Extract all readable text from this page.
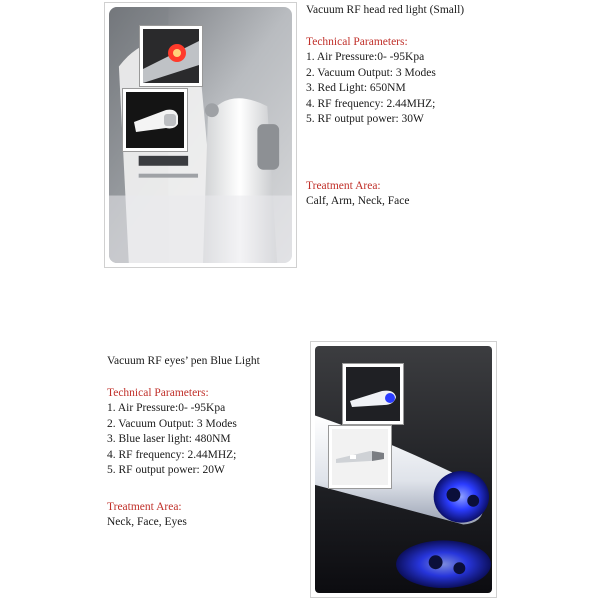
Vacuum RF head red light (Small)

Technical Parameters:

1. Air Pressure:0- -95Kpa
2. Vacuum Output: 3 Modes
3. Red Light: 650NM
4. RF frequency: 2.44MHZ;
5. RF output power: 30W

Treatment Area:

Calf, Arm, Neck, Face

Vacuum RF eyes’ pen Blue Light

Technical Parameters:

1. Air Pressure:0- -95Kpa
2. Vacuum Output: 3 Modes
3. Blue laser light: 480NM
4. RF frequency: 2.44MHZ;
5. RF output power: 20W

Treatment Area:

Neck, Face, Eyes
